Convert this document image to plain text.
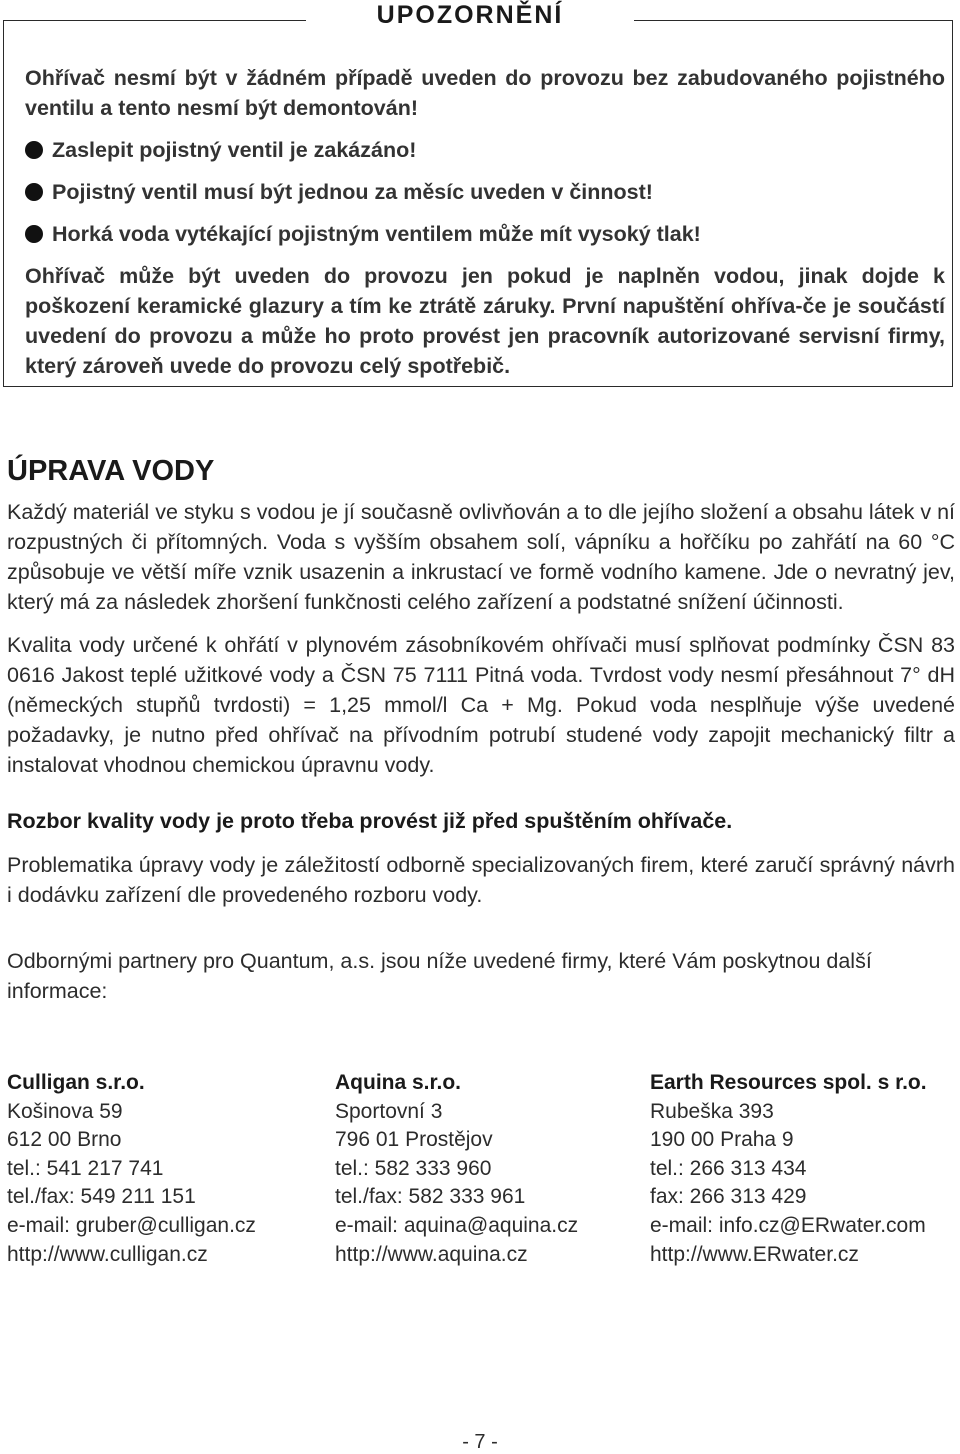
Ohřívač nesmí být v žádném případě uveden do provozu bez zabudovaného pojistného ventilu a tento nesmí být demontován!

Zaslepit pojistný ventil je zakázáno!
Pojistný ventil musí být jednou za měsíc uveden v činnost!
Horká voda vytékající pojistným ventilem může mít vysoký tlak!

Ohřívač může být uveden do provozu jen pokud je naplněn vodou, jinak dojde k poškození keramické glazury a tím ke ztrátě záruky. První napuštění ohříva-če je součástí uvedení do provozu a může ho proto provést jen pracovník autorizované servisní firmy, který zároveň uvede do provozu celý spotřebič.

UPOZORNĚNÍ
ÚPRAVA VODY

Každý materiál ve styku s vodou je jí současně ovlivňován a to dle jejího složení a obsahu látek v ní rozpustných či přítomných. Voda s vyšším obsahem solí, vápníku a hořčíku po zahřátí na 60 °C způsobuje ve větší míře vznik usazenin a inkrustací ve formě vodního kamene. Jde o nevratný jev, který má za následek zhoršení funkčnosti celého zařízení a podstatné snížení účinnosti.

Kvalita vody určené k ohřátí v plynovém zásobníkovém ohřívači musí splňovat podmínky ČSN 83 0616 Jakost teplé užitkové vody a ČSN 75 7111 Pitná voda. Tvrdost vody nesmí přesáhnout 7° dH (německých stupňů tvrdosti) = 1,25 mmol/l Ca + Mg. Pokud voda nesplňuje výše uvedené požadavky, je nutno před ohřívač na přívodním potrubí studené vody zapojit mechanický filtr a instalovat vhodnou chemickou úpravnu vody.

Rozbor kvality vody je proto třeba provést již před spuštěním ohřívače.

Problematika úpravy vody je záležitostí odborně specializovaných firem, které zaručí správný návrh i dodávku zařízení dle provedeného rozboru vody.

Odbornými partnery pro Quantum, a.s. jsou níže uvedené firmy, které Vám poskytnou další informace:

Culligan s.r.o.
Košinova 59
612 00 Brno
tel.: 541 217 741
tel./fax: 549 211 151
e-mail: gruber@culligan.cz
http://www.culligan.cz
Aquina s.r.o.
Sportovní 3
796 01 Prostějov
tel.: 582 333 960
tel./fax: 582 333 961
e-mail: aquina@aquina.cz
http://www.aquina.cz
Earth Resources spol. s r.o.
Rubeška 393
190 00 Praha 9
tel.: 266 313 434
fax: 266 313 429
e-mail: info.cz@ERwater.com
http://www.ERwater.cz
- 7 -
